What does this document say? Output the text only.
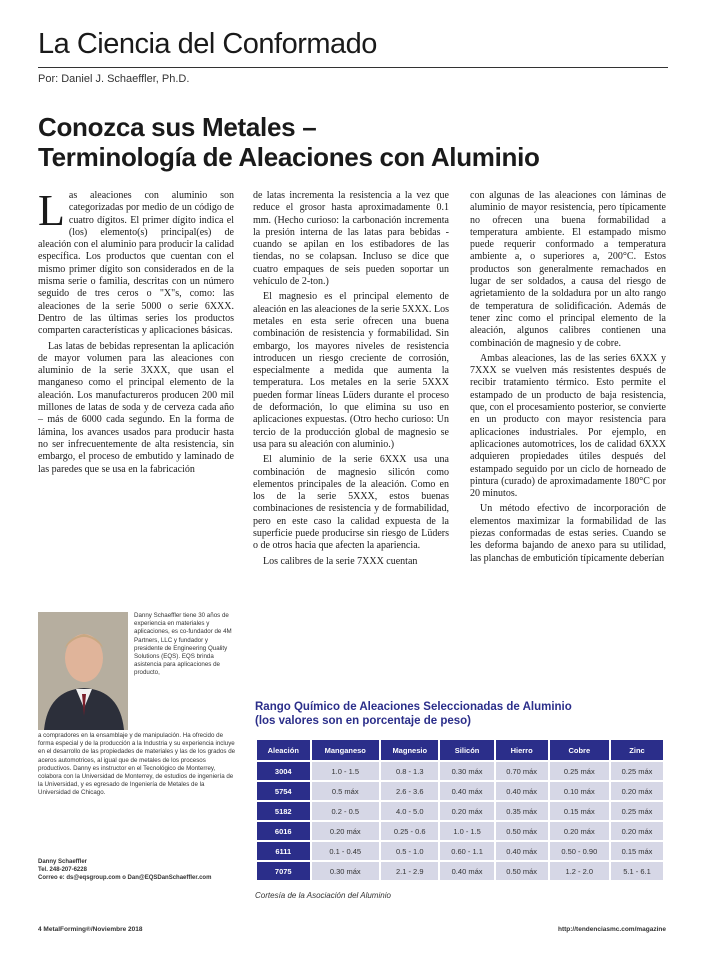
La Ciencia del Conformado
Por: Daniel J. Schaeffler, Ph.D.
Conozca sus Metales –
Terminología de Aleaciones con Aluminio

Las aleaciones con aluminio son categorizadas por medio de un código de cuatro dígitos. El primer dígito indica el (los) elemento(s) principal(es) de aleación con el aluminio para producir la calidad específica. Los productos que cuentan con el mismo primer dígito son considerados en de la misma serie o familia, descritas con un número seguido de tres ceros o "X"s, como: las aleaciones de la serie 5000 o serie 6XXX. Dentro de las últimas series los productos comparten características y aplicaciones básicas.

Las latas de bebidas representan la aplicación de mayor volumen para las aleaciones con aluminio de la serie 3XXX, que usan el manganeso como el principal elemento de la aleación. Los manufactureros producen 200 mil millones de latas de soda y de cerveza cada año – más de 6000 cada segundo. En la forma de lámina, los avances usados para producir hasta no ser infrecuentemente de alta resistencia, sin embargo, el proceso de embutido y laminado de las paredes que se usa en la fabricación

de latas incrementa la resistencia a la vez que reduce el grosor hasta aproximadamente 0.1 mm. (Hecho curioso: la carbonación incrementa la presión interna de las latas para bebidas - cuando se apilan en los estibadores de las tiendas, no se colapsan. Incluso se dice que cuatro empaques de seis pueden soportar un vehículo de 2-ton.)

El magnesio es el principal elemento de aleación en las aleaciones de la serie 5XXX. Los metales en esta serie ofrecen una buena combinación de resistencia y formabilidad. Sin embargo, los mayores niveles de resistencia introducen un riesgo creciente de corrosión, especialmente a medida que aumenta la temperatura. Los metales en la serie 5XXX pueden formar líneas Lüders durante el proceso de deformación, lo que elimina su uso en aplicaciones expuestas. (Otro hecho curioso: Un tercio de la producción global de magnesio se usa para su aleación con aluminio.)

El aluminio de la serie 6XXX usa una combinación de magnesio silicón como elementos principales de la aleación. Como en los de la serie 5XXX, estos buenas combinaciones de resistencia y de formabilidad, pero en este caso la calidad expuesta de la superficie puede producirse sin riesgo de Lüders o de otros hacia que afecten la apariencia.

Los calibres de la serie 7XXX cuentan

con algunas de las aleaciones con láminas de aluminio de mayor resistencia, pero típicamente no ofrecen una buena formabilidad a temperatura ambiente. El estampado mismo puede requerir conformado a temperatura ambiente a, o superiores a, 200°C. Estos productos son generalmente remachados en lugar de ser soldados, a causa del riesgo de agrietamiento de la soldadura por un alto rango de temperatura de solidificación. Además de tener zinc como el principal elemento de la aleación, algunos calibres contienen una combinación de magnesio y de cobre.

Ambas aleaciones, las de las series 6XXX y 7XXX se vuelven más resistentes después de recibir tratamiento térmico. Esto permite el estampado de un producto de baja resistencia, que, con el procesamiento posterior, se convierte en un producto con mayor resistencia para aplicaciones industriales. Por ejemplo, en aplicaciones automotrices, los de calidad 6XXX adquieren propiedades útiles después del estampado seguido por un ciclo de horneado de pintura (curado) de aproximadamente 180°C por 20 minutos.

Un método efectivo de incorporación de elementos maximizar la formabilidad de las piezas conformadas de estas series. Cuando se les deforma bajando de anexo para su utilidad, las planchas de embutición típicamente deberían

Danny Schaeffler tiene 30 años de experiencia en materiales y aplicaciones, es co-fundador de 4M Partners, LLC y fundador y presidente de Engineering Quality Solutions (EQS). EQS brinda asistencia para aplicaciones de producto,
a compradores en la ensamblaje y de manipulación. Ha ofrecido de forma especial y de la producción a la Industria y su experiencia incluye en el desarrollo de las propiedades de materiales y las de los grados de aceros automotrices, al igual que de metales de los procesos productivos. Danny es instructor en el Tecnológico de Monterrey, colabora con la Universidad de Monterrey, de estudios de ingeniería de la Universidad, y es egresado de Ingeniería de Metales de la Universidad de Chicago.
Danny Schaeffler
Tel. 248-207-6228
Correo e: ds@eqsgroup.com o Dan@EQSDanSchaeffler.com
Rango Químico de Aleaciones Seleccionadas de Aluminio
(los valores son en porcentaje de peso)
Aleación	Manganeso	Magnesio	Silicón	Hierro	Cobre	Zinc
3004	1.0 - 1.5	0.8 - 1.3	0.30 máx	0.70 máx	0.25 máx	0.25 máx
5754	0.5 máx	2.6 - 3.6	0.40 máx	0.40 máx	0.10 máx	0.20 máx
5182	0.2 - 0.5	4.0 - 5.0	0.20 máx	0.35 máx	0.15 máx	0.25 máx
6016	0.20 máx	0.25 - 0.6	1.0 - 1.5	0.50 máx	0.20 máx	0.20 máx
6111	0.1 - 0.45	0.5 - 1.0	0.60 - 1.1	0.40 máx	0.50 - 0.90	0.15 máx
7075	0.30 máx	2.1 - 2.9	0.40 máx	0.50 máx	1.2 - 2.0	5.1 - 6.1
Cortesía de la Asociación del Aluminio
4 MetalForming®/Noviembre 2018	http://tendenciasmc.com/magazine
